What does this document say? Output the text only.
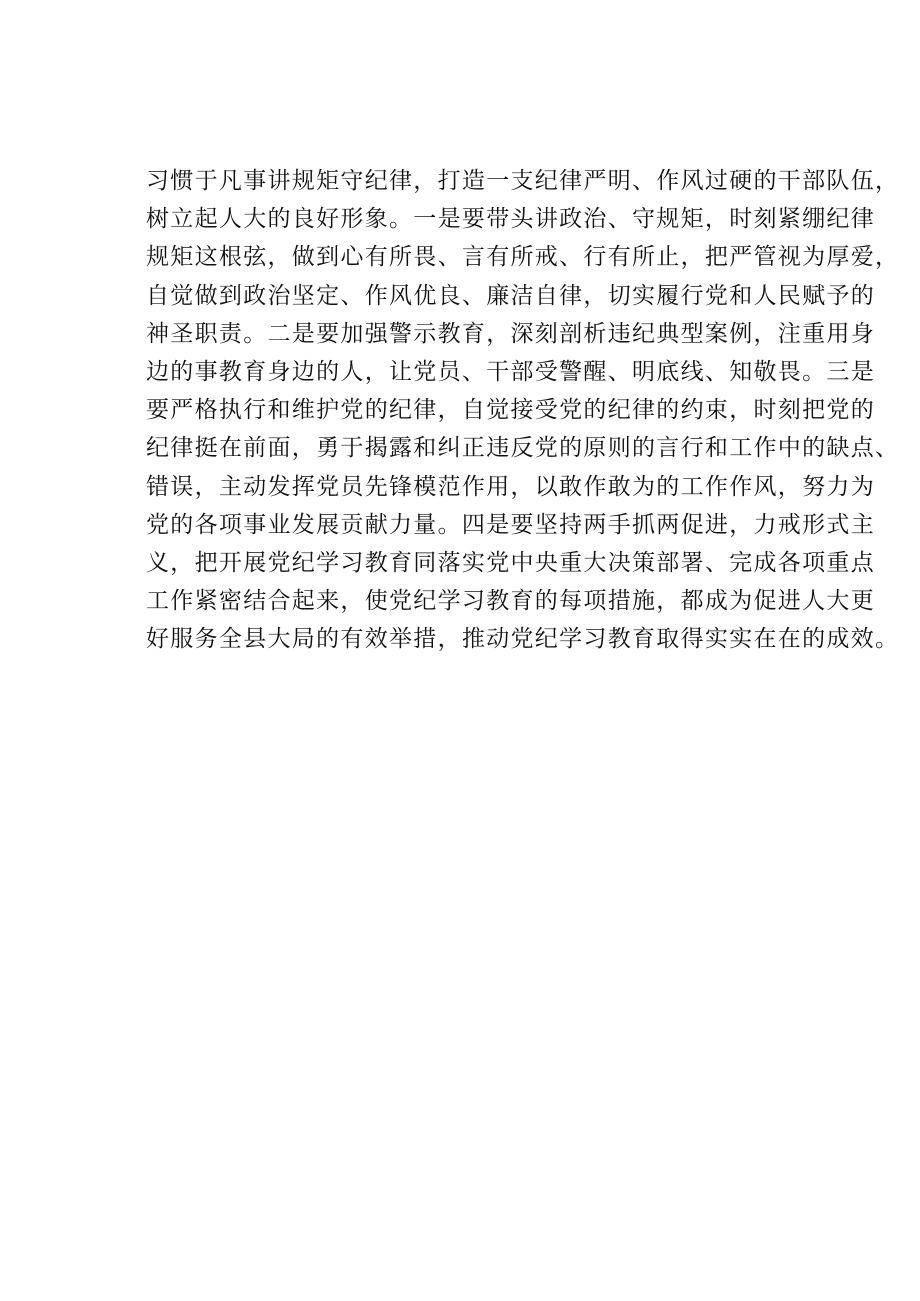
习惯于凡事讲规矩守纪律，打造一支纪律严明、作风过硬的干部队伍，
树立起人大的良好形象。一是要带头讲政治、守规矩，时刻紧绷纪律
规矩这根弦，做到心有所畏、言有所戒、行有所止，把严管视为厚爱，
自觉做到政治坚定、作风优良、廉洁自律，切实履行党和人民赋予的
神圣职责。二是要加强警示教育，深刻剖析违纪典型案例，注重用身
边的事教育身边的人，让党员、干部受警醒、明底线、知敬畏。三是
要严格执行和维护党的纪律，自觉接受党的纪律的约束，时刻把党的
纪律挺在前面，勇于揭露和纠正违反党的原则的言行和工作中的缺点、
错误，主动发挥党员先锋模范作用，以敢作敢为的工作作风，努力为
党的各项事业发展贡献力量。四是要坚持两手抓两促进，力戒形式主
义，把开展党纪学习教育同落实党中央重大决策部署、完成各项重点
工作紧密结合起来，使党纪学习教育的每项措施，都成为促进人大更
好服务全县大局的有效举措，推动党纪学习教育取得实实在在的成效。
